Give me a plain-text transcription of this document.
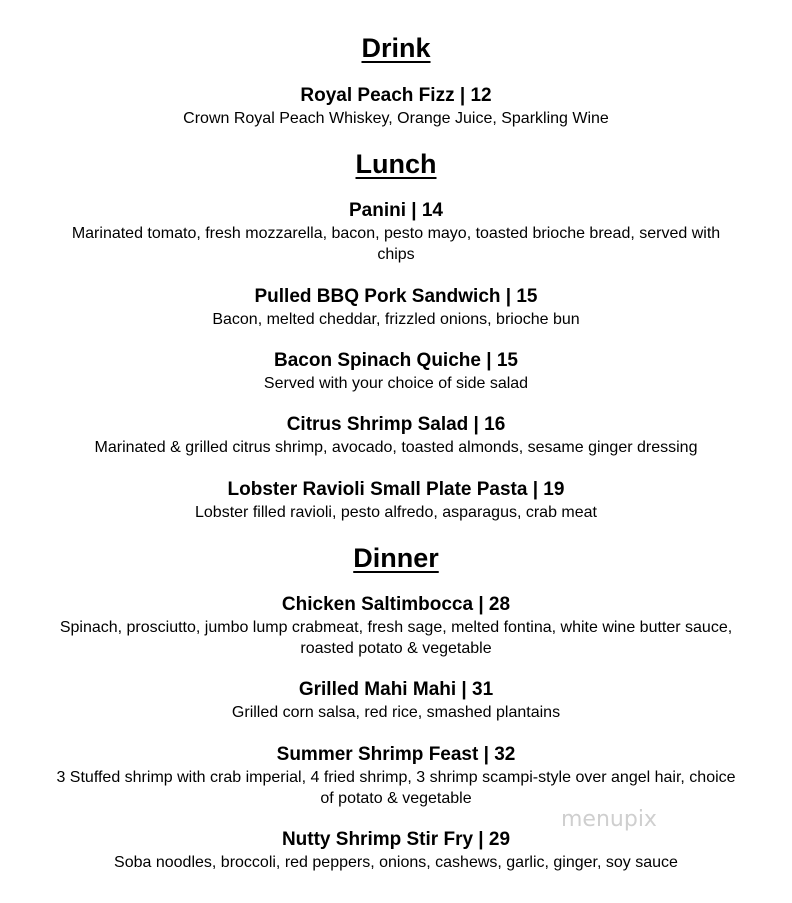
Drink
Royal Peach Fizz | 12
Crown Royal Peach Whiskey, Orange Juice, Sparkling Wine
Lunch
Panini | 14
Marinated tomato, fresh mozzarella, bacon, pesto mayo, toasted brioche bread, served with chips
Pulled BBQ Pork Sandwich | 15
Bacon, melted cheddar, frizzled onions, brioche bun
Bacon Spinach Quiche | 15
Served with your choice of side salad
Citrus Shrimp Salad | 16
Marinated & grilled citrus shrimp, avocado, toasted almonds, sesame ginger dressing
Lobster Ravioli Small Plate Pasta | 19
Lobster filled ravioli, pesto alfredo, asparagus, crab meat
Dinner
Chicken Saltimbocca | 28
Spinach, prosciutto, jumbo lump crabmeat, fresh sage, melted fontina, white wine butter sauce, roasted potato & vegetable
Grilled Mahi Mahi | 31
Grilled corn salsa, red rice, smashed plantains
Summer Shrimp Feast | 32
3 Stuffed shrimp with crab imperial, 4 fried shrimp, 3 shrimp scampi-style over angel hair, choice of potato & vegetable
Nutty Shrimp Stir Fry | 29
Soba noodles, broccoli, red peppers, onions, cashews, garlic, ginger, soy sauce
menupix
